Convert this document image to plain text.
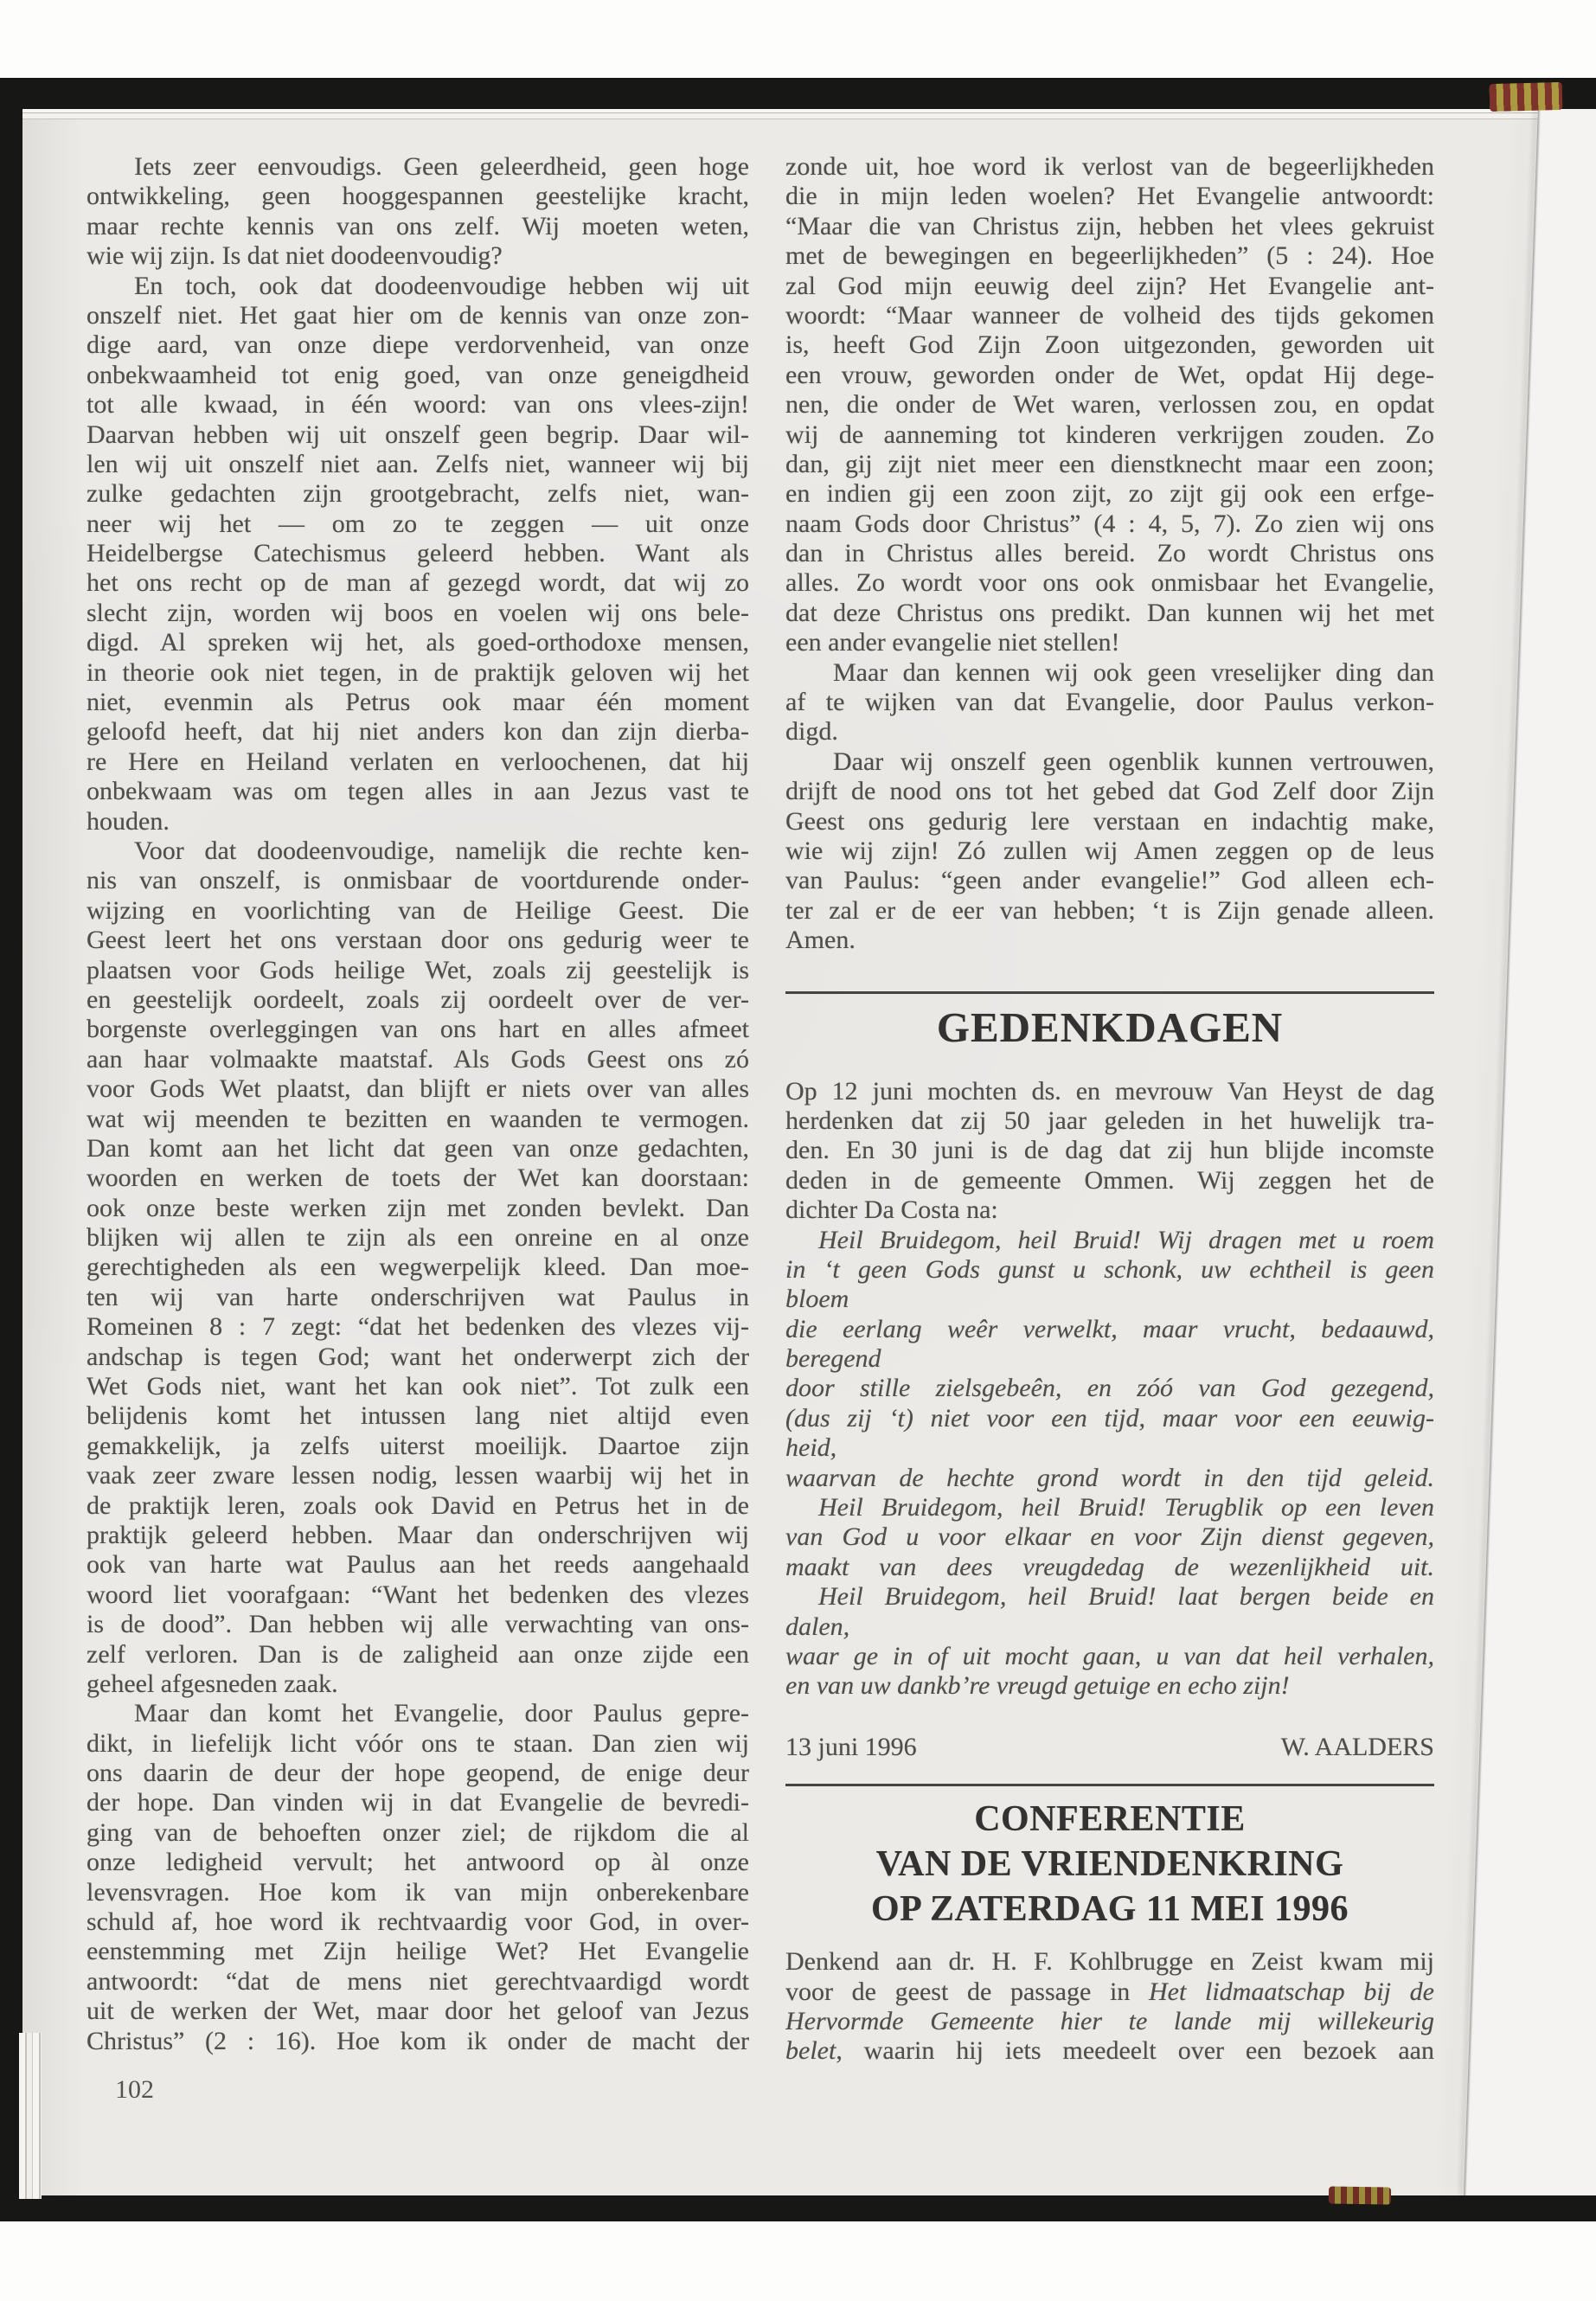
Iets zeer eenvoudigs. Geen geleerdheid, geen hoge
ontwikkeling, geen hooggespannen geestelijke kracht,
maar rechte kennis van ons zelf. Wij moeten weten,
wie wij zijn. Is dat niet doodeenvoudig?
En toch, ook dat doodeenvoudige hebben wij uit
onszelf niet. Het gaat hier om de kennis van onze zon-
dige aard, van onze diepe verdorvenheid, van onze
onbekwaamheid tot enig goed, van onze geneigdheid
tot alle kwaad, in één woord: van ons vlees-zijn!
Daarvan hebben wij uit onszelf geen begrip. Daar wil-
len wij uit onszelf niet aan. Zelfs niet, wanneer wij bij
zulke gedachten zijn grootgebracht, zelfs niet, wan-
neer wij het — om zo te zeggen — uit onze
Heidelbergse Catechismus geleerd hebben. Want als
het ons recht op de man af gezegd wordt, dat wij zo
slecht zijn, worden wij boos en voelen wij ons bele-
digd. Al spreken wij het, als goed-orthodoxe mensen,
in theorie ook niet tegen, in de praktijk geloven wij het
niet, evenmin als Petrus ook maar één moment
geloofd heeft, dat hij niet anders kon dan zijn dierba-
re Here en Heiland verlaten en verloochenen, dat hij
onbekwaam was om tegen alles in aan Jezus vast te
houden.
Voor dat doodeenvoudige, namelijk die rechte ken-
nis van onszelf, is onmisbaar de voortdurende onder-
wijzing en voorlichting van de Heilige Geest. Die
Geest leert het ons verstaan door ons gedurig weer te
plaatsen voor Gods heilige Wet, zoals zij geestelijk is
en geestelijk oordeelt, zoals zij oordeelt over de ver-
borgenste overleggingen van ons hart en alles afmeet
aan haar volmaakte maatstaf. Als Gods Geest ons zó
voor Gods Wet plaatst, dan blijft er niets over van alles
wat wij meenden te bezitten en waanden te vermogen.
Dan komt aan het licht dat geen van onze gedachten,
woorden en werken de toets der Wet kan doorstaan:
ook onze beste werken zijn met zonden bevlekt. Dan
blijken wij allen te zijn als een onreine en al onze
gerechtigheden als een wegwerpelijk kleed. Dan moe-
ten wij van harte onderschrijven wat Paulus in
Romeinen 8 : 7 zegt: “dat het bedenken des vlezes vij-
andschap is tegen God; want het onderwerpt zich der
Wet Gods niet, want het kan ook niet”. Tot zulk een
belijdenis komt het intussen lang niet altijd even
gemakkelijk, ja zelfs uiterst moeilijk. Daartoe zijn
vaak zeer zware lessen nodig, lessen waarbij wij het in
de praktijk leren, zoals ook David en Petrus het in de
praktijk geleerd hebben. Maar dan onderschrijven wij
ook van harte wat Paulus aan het reeds aangehaald
woord liet voorafgaan: “Want het bedenken des vlezes
is de dood”. Dan hebben wij alle verwachting van ons-
zelf verloren. Dan is de zaligheid aan onze zijde een
geheel afgesneden zaak.
Maar dan komt het Evangelie, door Paulus gepre-
dikt, in liefelijk licht vóór ons te staan. Dan zien wij
ons daarin de deur der hope geopend, de enige deur
der hope. Dan vinden wij in dat Evangelie de bevredi-
ging van de behoeften onzer ziel; de rijkdom die al
onze ledigheid vervult; het antwoord op àl onze
levensvragen. Hoe kom ik van mijn onberekenbare
schuld af, hoe word ik rechtvaardig voor God, in over-
eenstemming met Zijn heilige Wet? Het Evangelie
antwoordt: “dat de mens niet gerechtvaardigd wordt
uit de werken der Wet, maar door het geloof van Jezus
Christus” (2 : 16). Hoe kom ik onder de macht der
zonde uit, hoe word ik verlost van de begeerlijkheden
die in mijn leden woelen? Het Evangelie antwoordt:
“Maar die van Christus zijn, hebben het vlees gekruist
met de bewegingen en begeerlijkheden” (5 : 24). Hoe
zal God mijn eeuwig deel zijn? Het Evangelie ant-
woordt: “Maar wanneer de volheid des tijds gekomen
is, heeft God Zijn Zoon uitgezonden, geworden uit
een vrouw, geworden onder de Wet, opdat Hij dege-
nen, die onder de Wet waren, verlossen zou, en opdat
wij de aanneming tot kinderen verkrijgen zouden. Zo
dan, gij zijt niet meer een dienstknecht maar een zoon;
en indien gij een zoon zijt, zo zijt gij ook een erfge-
naam Gods door Christus” (4 : 4, 5, 7). Zo zien wij ons
dan in Christus alles bereid. Zo wordt Christus ons
alles. Zo wordt voor ons ook onmisbaar het Evangelie,
dat deze Christus ons predikt. Dan kunnen wij het met
een ander evangelie niet stellen!
Maar dan kennen wij ook geen vreselijker ding dan
af te wijken van dat Evangelie, door Paulus verkon-
digd.
Daar wij onszelf geen ogenblik kunnen vertrouwen,
drijft de nood ons tot het gebed dat God Zelf door Zijn
Geest ons gedurig lere verstaan en indachtig make,
wie wij zijn! Zó zullen wij Amen zeggen op de leus
van Paulus: “geen ander evangelie!” God alleen ech-
ter zal er de eer van hebben; ‘t is Zijn genade alleen.
Amen.
GEDENKDAGEN
Op 12 juni mochten ds. en mevrouw Van Heyst de dag
herdenken dat zij 50 jaar geleden in het huwelijk tra-
den. En 30 juni is de dag dat zij hun blijde incomste
deden in de gemeente Ommen. Wij zeggen het de
dichter Da Costa na:
Heil Bruidegom, heil Bruid! Wij dragen met u roem
in ‘t geen Gods gunst u schonk, uw echtheil is geen
bloem
die eerlang weêr verwelkt, maar vrucht, bedaauwd,
beregend
door stille zielsgebeên, en zóó van God gezegend,
(dus zij ‘t) niet voor een tijd, maar voor een eeuwig-
heid,
waarvan de hechte grond wordt in den tijd geleid.
Heil Bruidegom, heil Bruid! Terugblik op een leven
van God u voor elkaar en voor Zijn dienst gegeven,
maakt van dees vreugdedag de wezenlijkheid uit.
Heil Bruidegom, heil Bruid! laat bergen beide en
dalen,
waar ge in of uit mocht gaan, u van dat heil verhalen,
en van uw dankb’re vreugd getuige en echo zijn!
13 juni 1996	W. AALDERS
CONFERENTIE
VAN DE VRIENDENKRING
OP ZATERDAG 11 MEI 1996
Denkend aan dr. H. F. Kohlbrugge en Zeist kwam mij
voor de geest de passage in Het lidmaatschap bij de
Hervormde Gemeente hier te lande mij willekeurig
belet, waarin hij iets meedeelt over een bezoek aan
102
